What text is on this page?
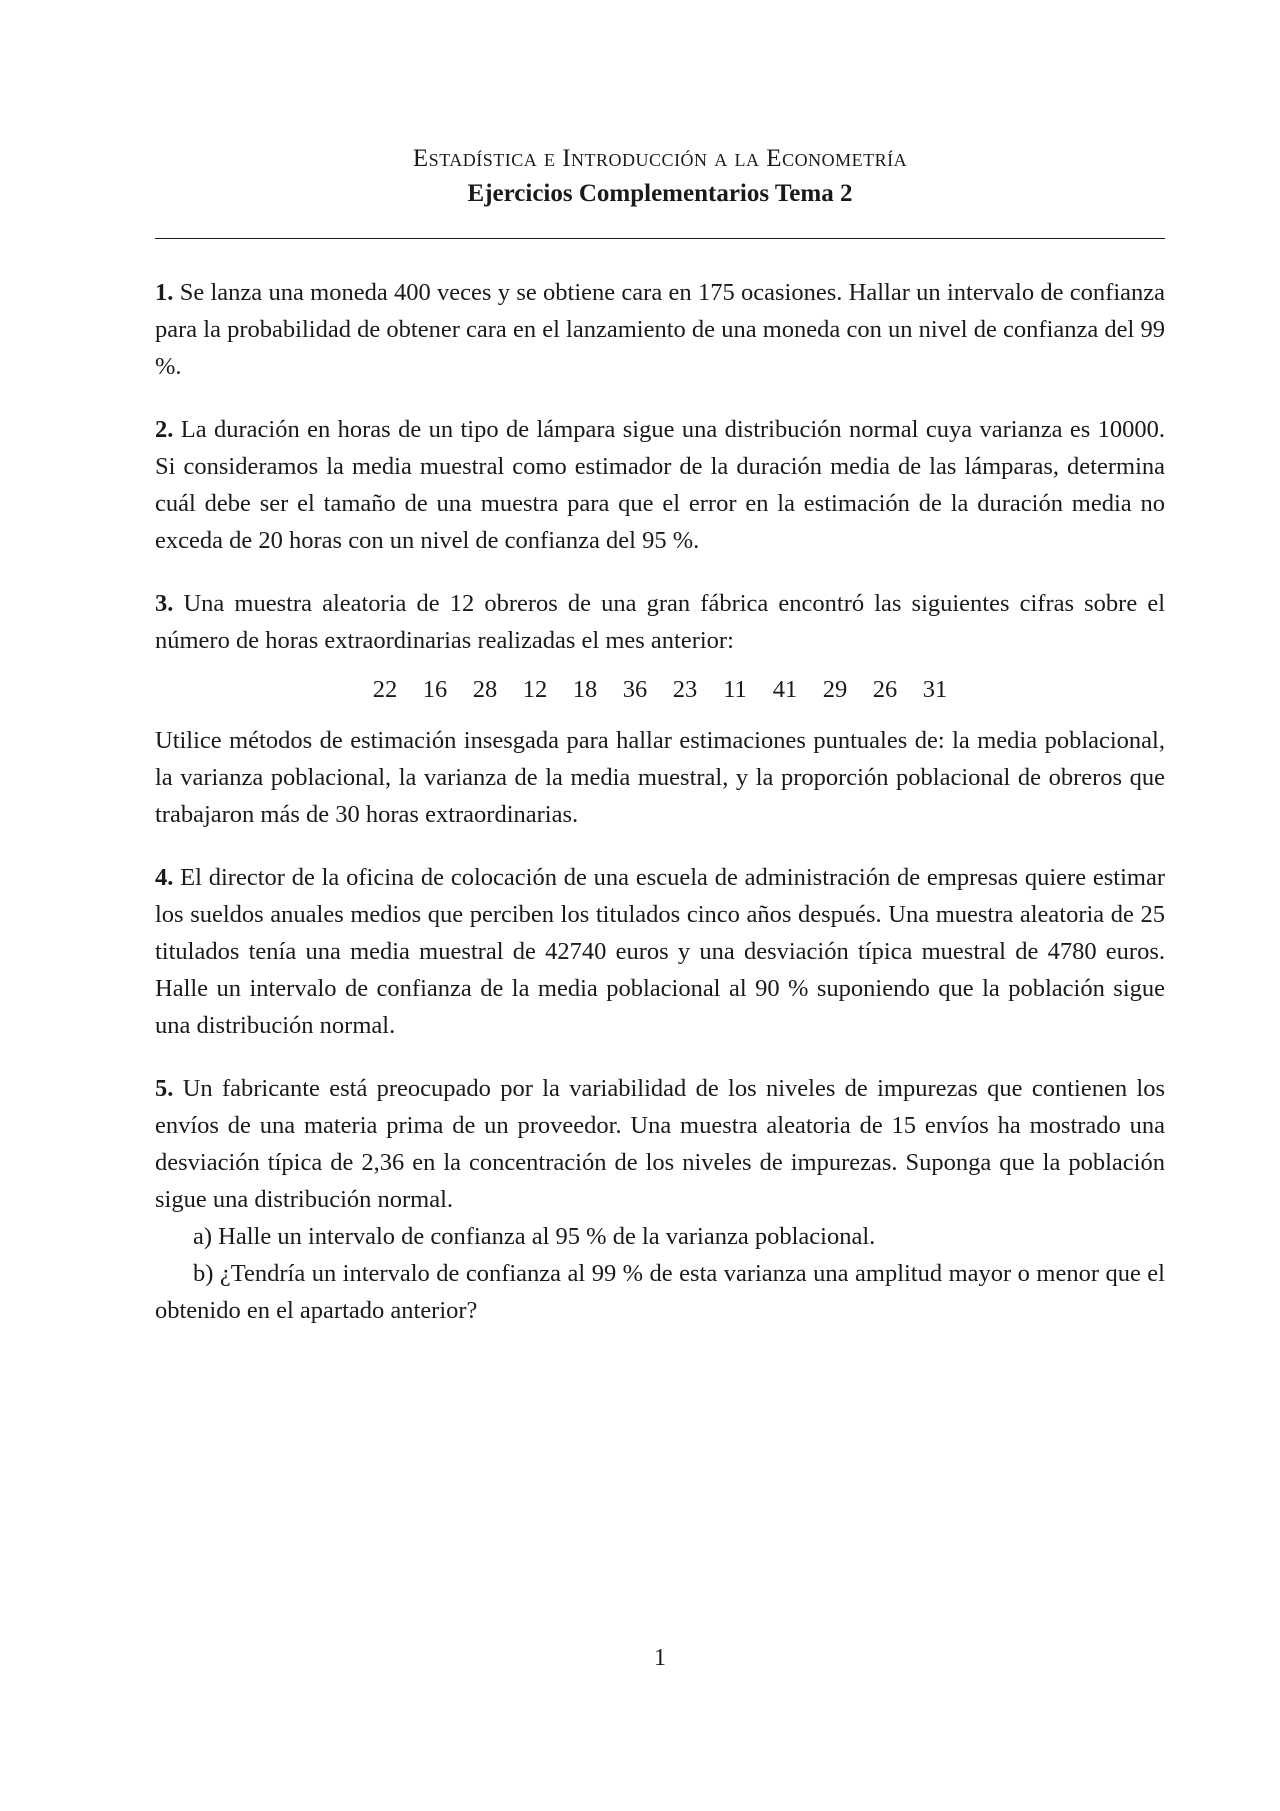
Estadística e Introducción a la Econometría
Ejercicios Complementarios Tema 2

1. Se lanza una moneda 400 veces y se obtiene cara en 175 ocasiones. Hallar un intervalo de confianza para la probabilidad de obtener cara en el lanzamiento de una moneda con un nivel de confianza del 99 %.

2. La duración en horas de un tipo de lámpara sigue una distribución normal cuya varianza es 10000. Si consideramos la media muestral como estimador de la duración media de las lámparas, determina cuál debe ser el tamaño de una muestra para que el error en la estimación de la duración media no exceda de 20 horas con un nivel de confianza del 95 %.

3. Una muestra aleatoria de 12 obreros de una gran fábrica encontró las siguientes cifras sobre el número de horas extraordinarias realizadas el mes anterior:

22	16	28	12	18	36	23	11	41	29	26	31

Utilice métodos de estimación insesgada para hallar estimaciones puntuales de: la media poblacional, la varianza poblacional, la varianza de la media muestral, y la proporción poblacional de obreros que trabajaron más de 30 horas extraordinarias.

4. El director de la oficina de colocación de una escuela de administración de empresas quiere estimar los sueldos anuales medios que perciben los titulados cinco años después. Una muestra aleatoria de 25 titulados tenía una media muestral de 42740 euros y una desviación típica muestral de 4780 euros. Halle un intervalo de confianza de la media poblacional al 90 % suponiendo que la población sigue una distribución normal.

5. Un fabricante está preocupado por la variabilidad de los niveles de impurezas que contienen los envíos de una materia prima de un proveedor. Una muestra aleatoria de 15 envíos ha mostrado una desviación típica de 2,36 en la concentración de los niveles de impurezas. Suponga que la población sigue una distribución normal.
a) Halle un intervalo de confianza al 95 % de la varianza poblacional.
b) ¿Tendría un intervalo de confianza al 99 % de esta varianza una amplitud mayor o menor que el obtenido en el apartado anterior?
1
